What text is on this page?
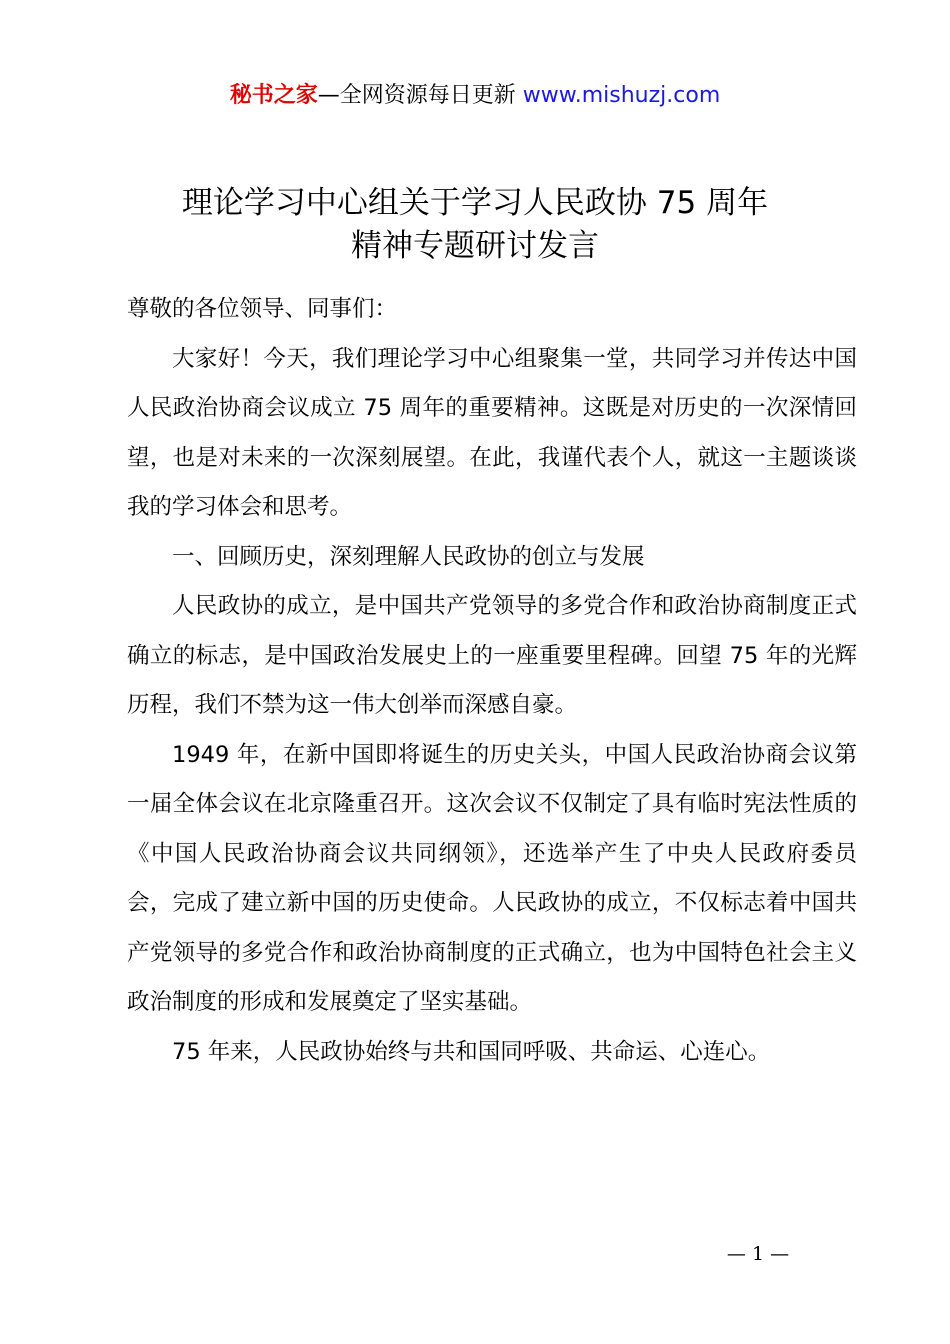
秘书之家—全网资源每日更新 www.mishuzj.com
理论学习中心组关于学习人民政协 75 周年
精神专题研讨发言

尊敬的各位领导、同事们：

大家好！今天，我们理论学习中心组聚集一堂，共同学习并传达中国人民政治协商会议成立 75 周年的重要精神。这既是对历史的一次深情回望，也是对未来的一次深刻展望。在此，我谨代表个人，就这一主题谈谈我的学习体会和思考。

一、回顾历史，深刻理解人民政协的创立与发展

人民政协的成立，是中国共产党领导的多党合作和政治协商制度正式确立的标志，是中国政治发展史上的一座重要里程碑。回望 75 年的光辉历程，我们不禁为这一伟大创举而深感自豪。

1949 年，在新中国即将诞生的历史关头，中国人民政治协商会议第一届全体会议在北京隆重召开。这次会议不仅制定了具有临时宪法性质的《中国人民政治协商会议共同纲领》，还选举产生了中央人民政府委员会，完成了建立新中国的历史使命。人民政协的成立，不仅标志着中国共产党领导的多党合作和政治协商制度的正式确立，也为中国特色社会主义政治制度的形成和发展奠定了坚实基础。

75 年来，人民政协始终与共和国同呼吸、共命运、心连心。

— 1 —
